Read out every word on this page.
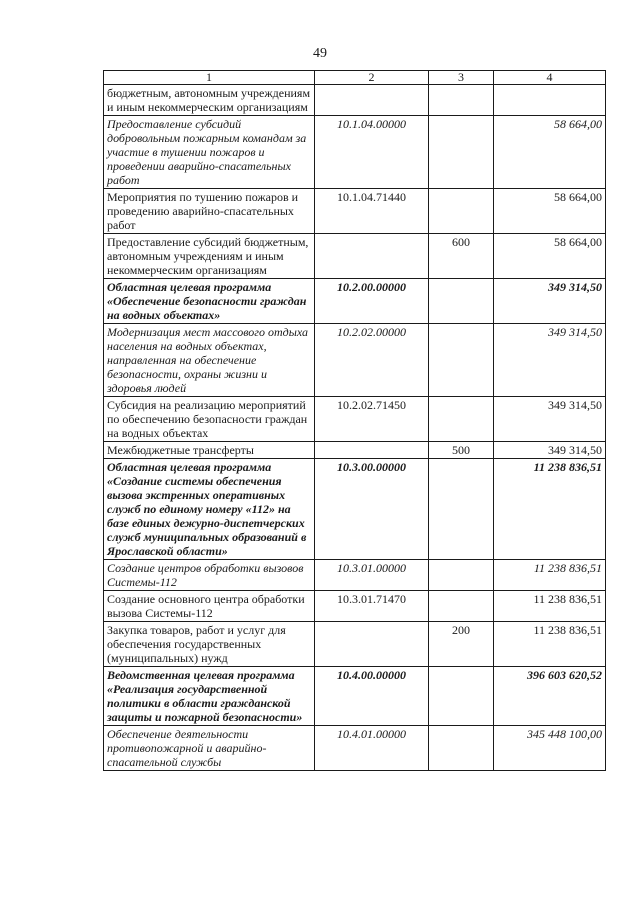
49
1	2	3	4
бюджетным, автономным учреждениям и иным некоммерческим организациям			
Предоставление субсидий добровольным пожарным командам за участие в тушении пожаров и проведении аварийно-спасательных работ	10.1.04.00000		58 664,00
Мероприятия по тушению пожаров и проведению аварийно-спасательных работ	10.1.04.71440		58 664,00
Предоставление субсидий бюджетным, автономным учреждениям и иным некоммерческим организациям		600	58 664,00
Областная целевая программа «Обеспечение безопасности граждан на водных объектах»	10.2.00.00000		349 314,50
Модернизация мест массового отдыха населения на водных объектах, направленная на обеспечение безопасности, охраны жизни и здоровья людей	10.2.02.00000		349 314,50
Субсидия на реализацию мероприятий по обеспечению безопасности граждан на водных объектах	10.2.02.71450		349 314,50
Межбюджетные трансферты		500	349 314,50
Областная целевая программа «Создание системы обеспечения вызова экстренных оперативных служб по единому номеру «112» на базе единых дежурно-диспетчерских служб муниципальных образований в Ярославской области»	10.3.00.00000		11 238 836,51
Создание центров обработки вызовов Системы-112	10.3.01.00000		11 238 836,51
Создание основного центра обработки вызова Системы-112	10.3.01.71470		11 238 836,51
Закупка товаров, работ и услуг для обеспечения государственных (муниципальных) нужд		200	11 238 836,51
Ведомственная целевая программа «Реализация государственной политики в области гражданской защиты и пожарной безопасности»	10.4.00.00000		396 603 620,52
Обеспечение деятельности противопожарной и аварийно-спасательной службы	10.4.01.00000		345 448 100,00
